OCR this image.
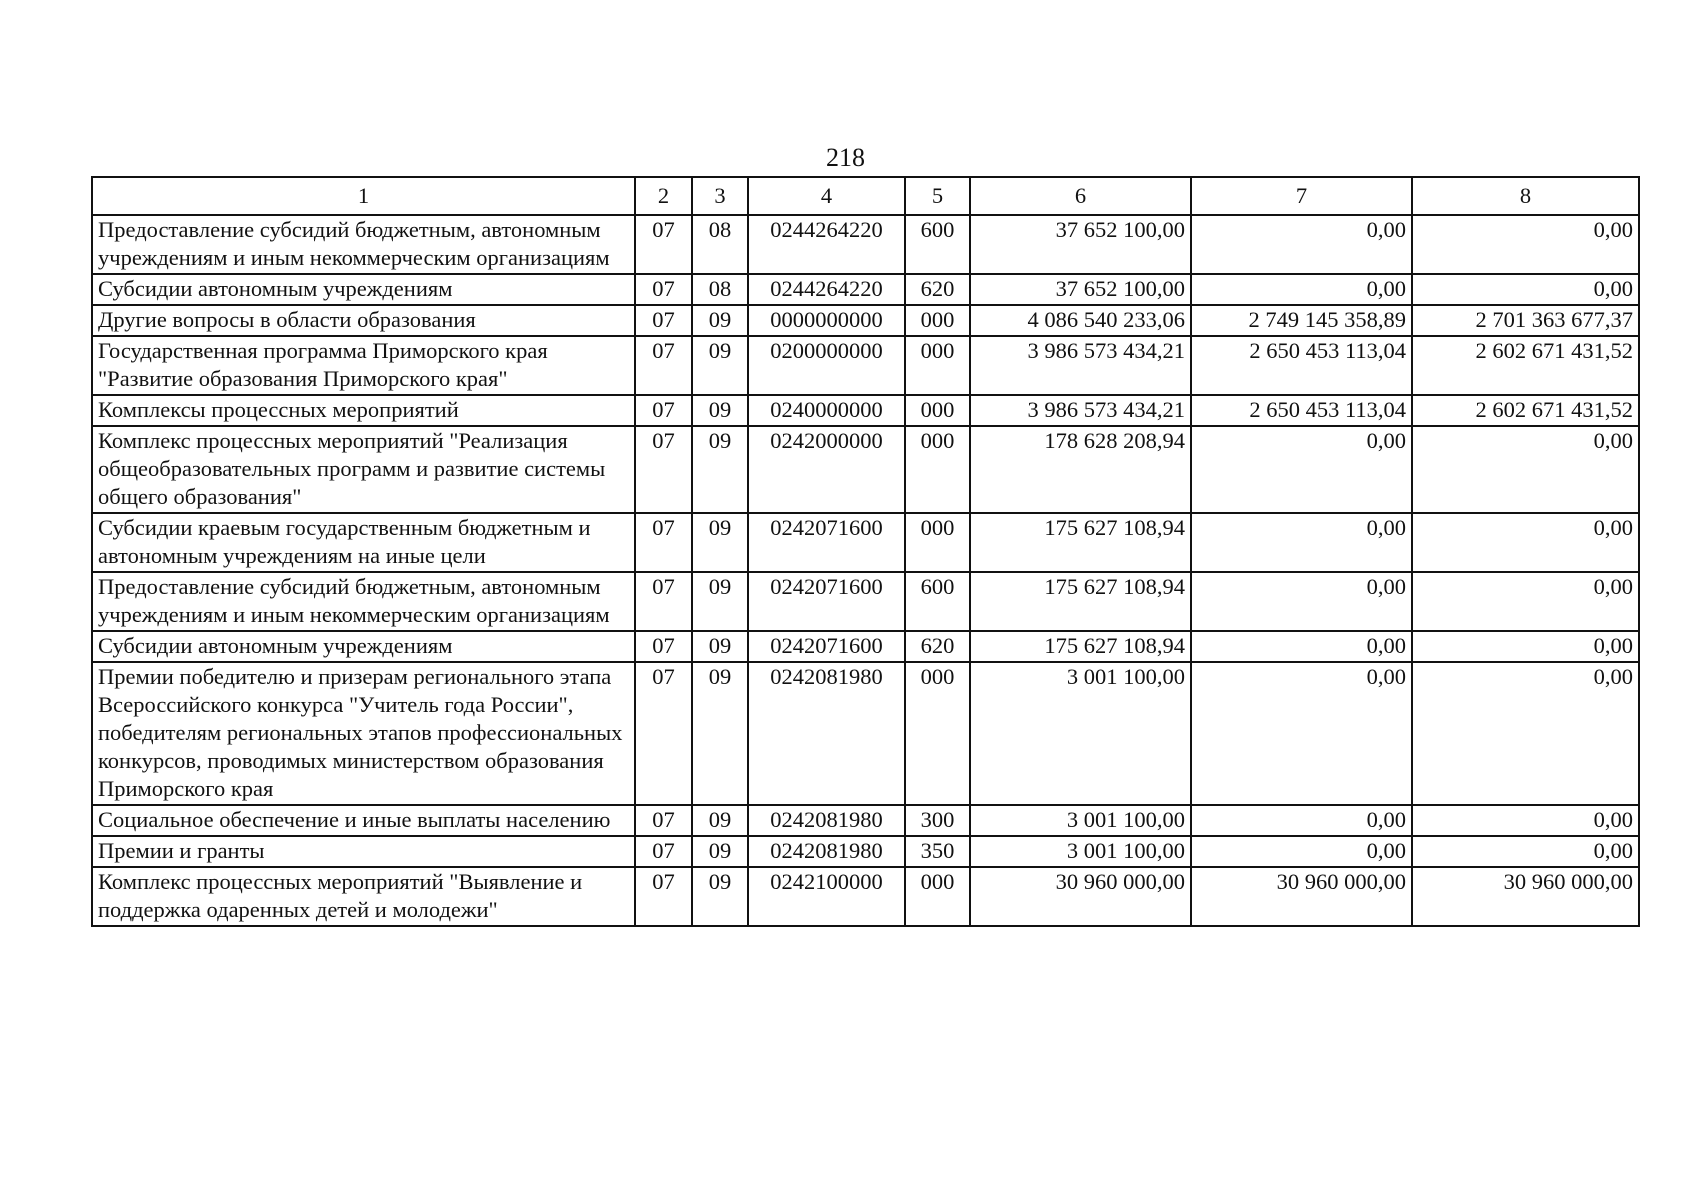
218
1	2	3	4	5	6	7	8
Предоставление субсидий бюджетным, автономным учреждениям и иным некоммерческим организациям	07	08	0244264220	600	37 652 100,00	0,00	0,00
Субсидии автономным учреждениям	07	08	0244264220	620	37 652 100,00	0,00	0,00
Другие вопросы в области образования	07	09	0000000000	000	4 086 540 233,06	2 749 145 358,89	2 701 363 677,37
Государственная программа Приморского края "Развитие образования Приморского края"	07	09	0200000000	000	3 986 573 434,21	2 650 453 113,04	2 602 671 431,52
Комплексы процессных мероприятий	07	09	0240000000	000	3 986 573 434,21	2 650 453 113,04	2 602 671 431,52
Комплекс процессных мероприятий "Реализация общеобразовательных программ и развитие системы общего образования"	07	09	0242000000	000	178 628 208,94	0,00	0,00
Субсидии краевым государственным бюджетным и автономным учреждениям на иные цели	07	09	0242071600	000	175 627 108,94	0,00	0,00
Предоставление субсидий бюджетным, автономным учреждениям и иным некоммерческим организациям	07	09	0242071600	600	175 627 108,94	0,00	0,00
Субсидии автономным учреждениям	07	09	0242071600	620	175 627 108,94	0,00	0,00
Премии победителю и призерам регионального этапа Всероссийского конкурса "Учитель года России", победителям региональных этапов профессиональных конкурсов, проводимых министерством образования Приморского края	07	09	0242081980	000	3 001 100,00	0,00	0,00
Социальное обеспечение и иные выплаты населению	07	09	0242081980	300	3 001 100,00	0,00	0,00
Премии и гранты	07	09	0242081980	350	3 001 100,00	0,00	0,00
Комплекс процессных мероприятий "Выявление и поддержка одаренных детей и молодежи"	07	09	0242100000	000	30 960 000,00	30 960 000,00	30 960 000,00
